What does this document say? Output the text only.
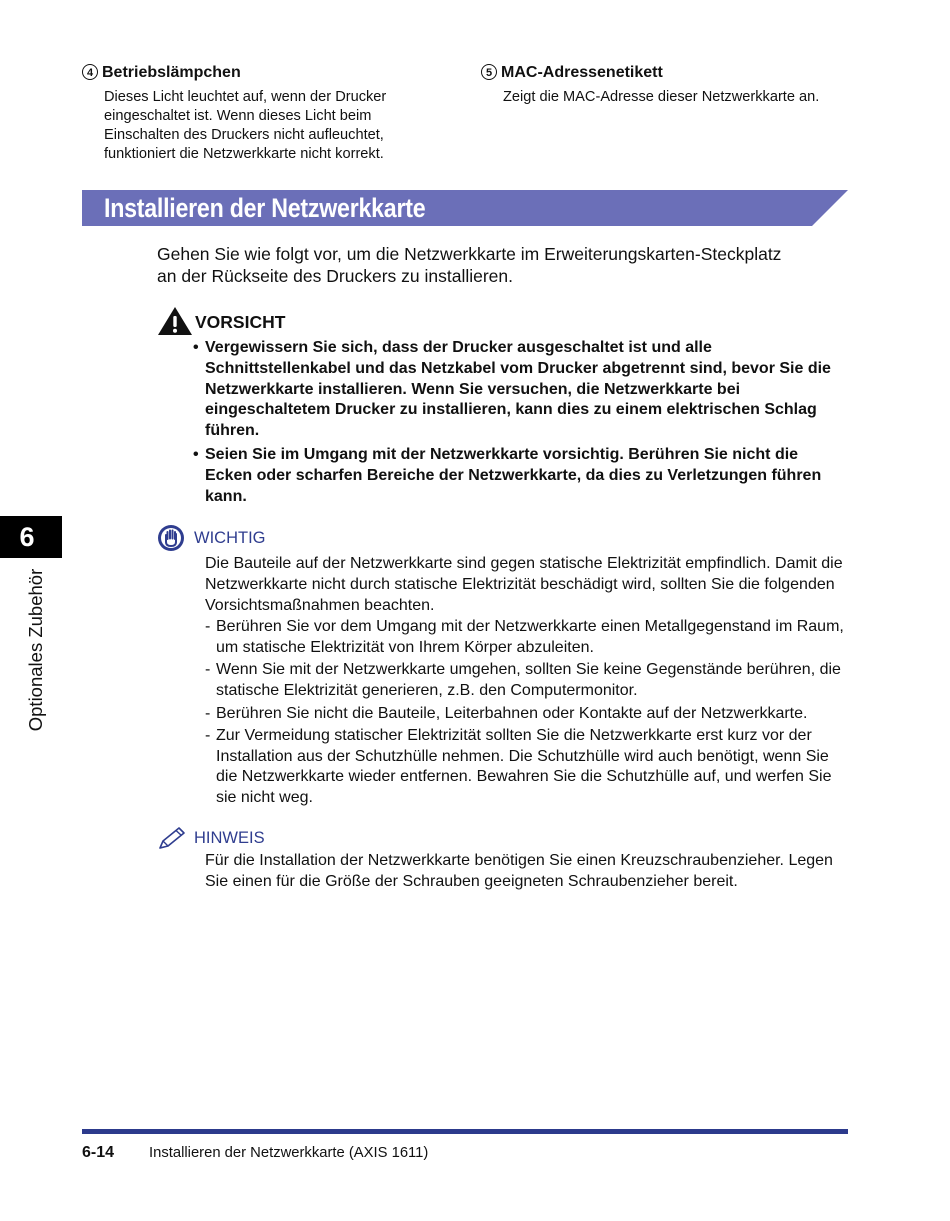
4 Betriebslämpchen
Dieses Licht leuchtet auf, wenn der Drucker
eingeschaltet ist. Wenn dieses Licht beim
Einschalten des Druckers nicht aufleuchtet,
funktioniert die Netzwerkkarte nicht korrekt.
5 MAC-Adressenetikett
Zeigt die MAC-Adresse dieser Netzwerkkarte an.
Installieren der Netzwerkkarte
Gehen Sie wie folgt vor, um die Netzwerkkarte im Erweiterungskarten-Steckplatz
an der Rückseite des Druckers zu installieren.
VORSICHT
• Vergewissern Sie sich, dass der Drucker ausgeschaltet ist und alle Schnittstellenkabel und das Netzkabel vom Drucker abgetrennt sind, bevor Sie die Netzwerkkarte installieren. Wenn Sie versuchen, die Netzwerkkarte bei eingeschaltetem Drucker zu installieren, kann dies zu einem elektrischen Schlag führen.
• Seien Sie im Umgang mit der Netzwerkkarte vorsichtig. Berühren Sie nicht die Ecken oder scharfen Bereiche der Netzwerkkarte, da dies zu Verletzungen führen kann.
WICHTIG
Die Bauteile auf der Netzwerkkarte sind gegen statische Elektrizität empfindlich. Damit die Netzwerkkarte nicht durch statische Elektrizität beschädigt wird, sollten Sie die folgenden Vorsichtsmaßnahmen beachten.
- Berühren Sie vor dem Umgang mit der Netzwerkkarte einen Metallgegenstand im Raum, um statische Elektrizität von Ihrem Körper abzuleiten.
- Wenn Sie mit der Netzwerkkarte umgehen, sollten Sie keine Gegenstände berühren, die statische Elektrizität generieren, z.B. den Computermonitor.
- Berühren Sie nicht die Bauteile, Leiterbahnen oder Kontakte auf der Netzwerkkarte.
- Zur Vermeidung statischer Elektrizität sollten Sie die Netzwerkkarte erst kurz vor der Installation aus der Schutzhülle nehmen. Die Schutzhülle wird auch benötigt, wenn Sie die Netzwerkkarte wieder entfernen. Bewahren Sie die Schutzhülle auf, und werfen Sie sie nicht weg.
HINWEIS
Für die Installation der Netzwerkkarte benötigen Sie einen Kreuzschraubenzieher. Legen Sie einen für die Größe der Schrauben geeigneten Schraubenzieher bereit.
6
Optionales Zubehör
6-14 Installieren der Netzwerkkarte (AXIS 1611)
